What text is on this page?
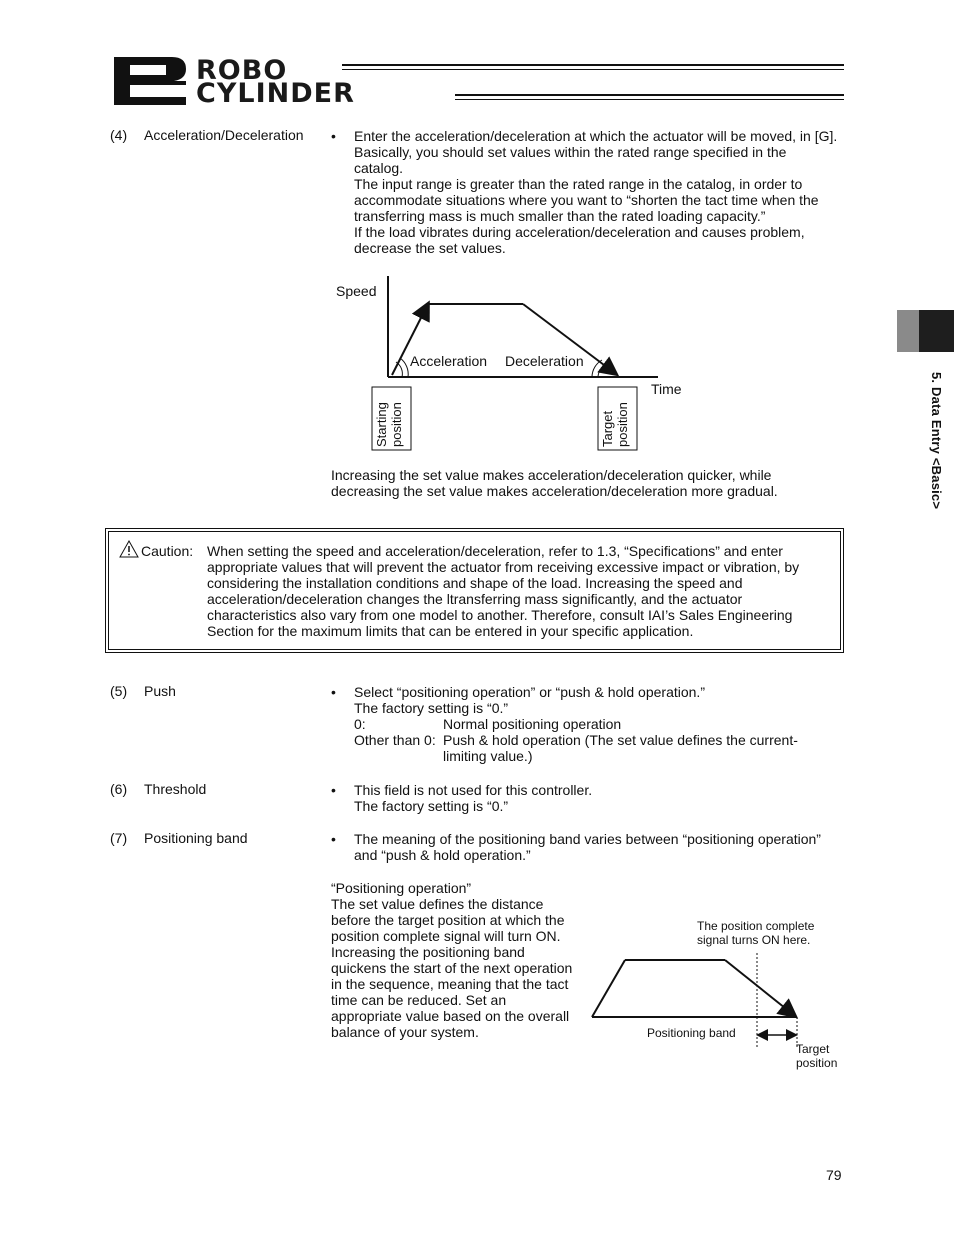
ROBO
CYLINDER
5. Data Entry <Basic>
(4) Acceleration/Deceleration •	Enter the acceleration/deceleration at which the actuator will be moved, in [G].
Basically, you should set values within the rated range specified in the
catalog.
The input range is greater than the rated range in the catalog, in order to
accommodate situations where you want to “shorten the tact time when the
transferring mass is much smaller than the rated loading capacity.”
If the load vibrates during acceleration/deceleration and causes problem,
decrease the set values.
Speed
Time
Acceleration Deceleration
Starting position	Target position
Increasing the set value makes acceleration/deceleration quicker, while
decreasing the set value makes acceleration/deceleration more gradual.
Caution: When setting the speed and acceleration/deceleration, refer to 1.3, “Specifications” and enter
appropriate values that will prevent the actuator from receiving excessive impact or vibration, by
considering the installation conditions and shape of the load. Increasing the speed and
acceleration/deceleration changes the ltransferring mass significantly, and the actuator
characteristics also vary from one model to another. Therefore, consult IAI’s Sales Engineering
Section for the maximum limits that can be entered in your specific application.
(5) Push	•	Select “positioning operation” or “push & hold operation.”
The factory setting is “0.”
0:	Normal positioning operation
Other than 0: Push & hold operation (The set value defines the current-
limiting value.)
(6) Threshold	•	This field is not used for this controller.
The factory setting is “0.”
(7) Positioning band	•	The meaning of the positioning band varies between “positioning operation”
and “push & hold operation.”
“Positioning operation”
The set value defines the distance
before the target position at which the
position complete signal will turn ON.
Increasing the positioning band
quickens the start of the next operation
in the sequence, meaning that the tact
time can be reduced. Set an
appropriate value based on the overall
balance of your system.
The position complete
signal turns ON here.
Positioning band
Target
position
79
